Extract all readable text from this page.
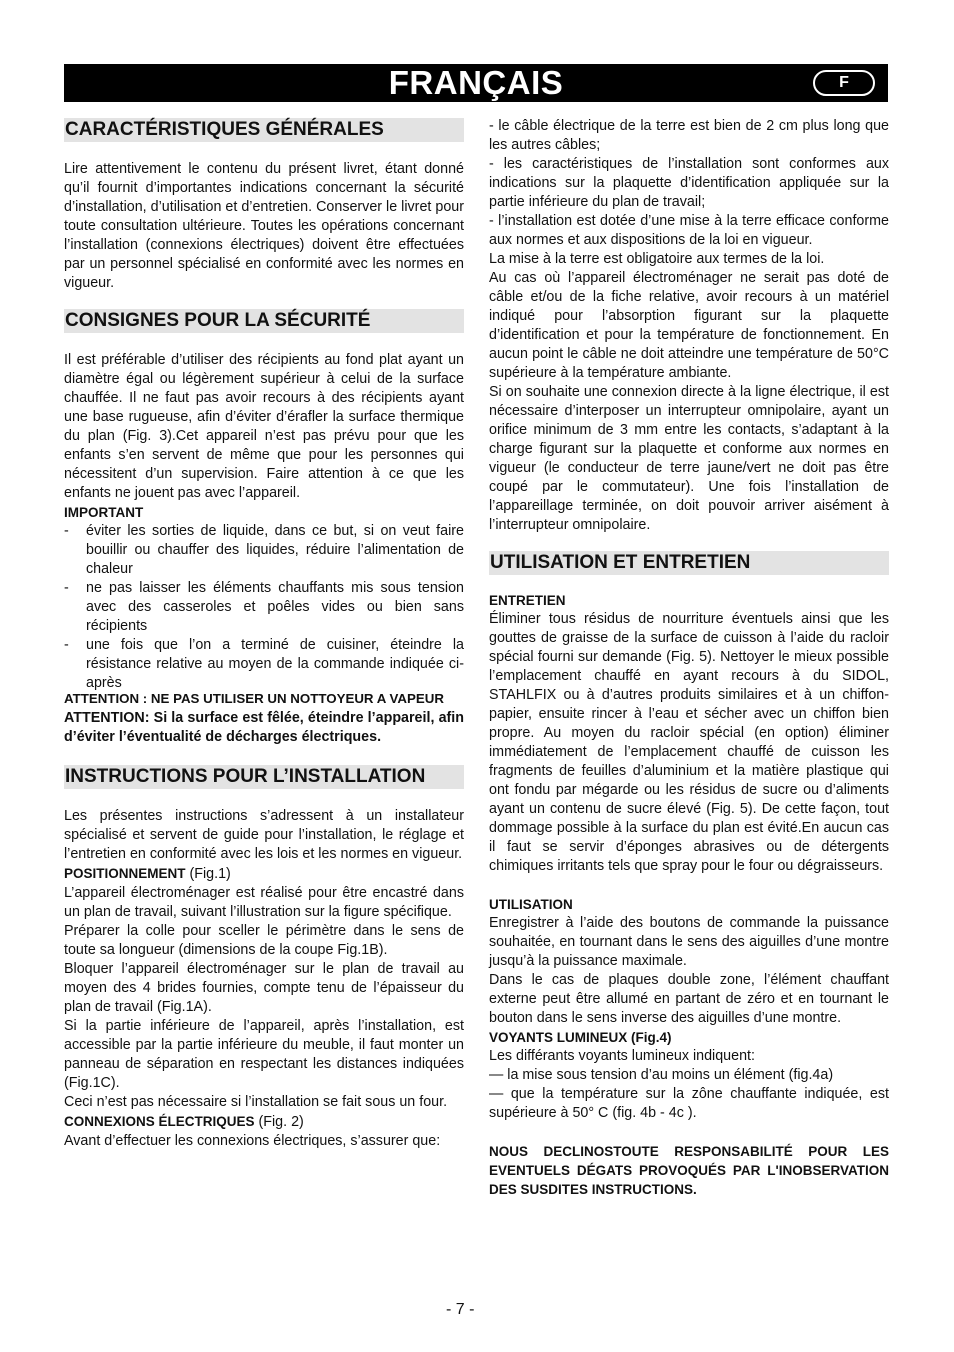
FRANÇAIS	F
CARACTÉRISTIQUES GÉNÉRALES

Lire attentivement le contenu du présent livret, étant donné qu’il fournit d’importantes indications concernant la sécurité d’installation, d’utilisation et d’entretien. Conserver le livret pour toute consultation ultérieure. Toutes les opérations concernant l’installation (connexions électriques) doivent être effectuées par un personnel spécialisé en conformité avec les normes en vigueur.

CONSIGNES POUR LA SÉCURITÉ

Il est préférable d’utiliser des récipients au fond plat ayant un diamètre égal ou légèrement supérieur à celui de la surface chauffée. Il ne faut pas avoir recours à des récipients ayant une base rugueuse, afin d’éviter d’érafler la surface thermique du plan (Fig. 3).Cet appareil n’est pas prévu pour que les enfants s’en servent de même que pour les personnes qui nécessitent d’un supervision. Faire attention à ce que les enfants ne jouent pas avec l’appareil.

IMPORTANT
-	éviter les sorties de liquide, dans ce but, si on veut faire bouillir ou chauffer des liquides, réduire l’alimentation de chaleur
-	ne pas laisser les éléments chauffants mis sous tension avec des casseroles et poêles vides ou bien sans récipients
-	une fois que l’on a terminé de cuisiner, éteindre la résistance relative au moyen de la commande indiquée ci-après

ATTENTION : NE PAS UTILISER UN NOTTOYEUR A VAPEUR

ATTENTION: Si la surface est fêlée, éteindre l’appareil, afin d’éviter l’éventualité de décharges électriques.

INSTRUCTIONS POUR L’INSTALLATION

Les présentes instructions s’adressent à un installateur spécialisé et servent de guide pour l’installation, le réglage et l’entretien en conformité avec les lois et les normes en vigueur.

POSITIONNEMENT (Fig.1)

L’appareil électroménager est réalisé pour être encastré dans un plan de travail, suivant l’illustration sur la figure spécifique.

Préparer la colle pour sceller le périmètre dans le sens de toute sa longueur (dimensions de la coupe Fig.1B).

Bloquer l’appareil électroménager sur le plan de travail au moyen des 4 brides fournies, compte tenu de l’épaisseur du plan de travail (Fig.1A).

Si la partie inférieure de l’appareil, après l’installation, est accessible par la partie inférieure du meuble, il faut monter un panneau de séparation en respectant les distances indiquées (Fig.1C).

Ceci n’est pas nécessaire si l’installation se fait sous un four.

CONNEXIONS ÉLECTRIQUES (Fig. 2)

Avant d’effectuer les connexions électriques, s’assurer que:

- le câble électrique de la terre est bien de 2 cm plus long que les autres câbles;

- les caractéristiques de l’installation sont conformes aux indications sur la plaquette d’identification appliquée sur la partie inférieure du plan de travail;

- l’installation est dotée d’une mise à la terre efficace conforme aux normes et aux dispositions de la loi en vigueur.

La mise à la terre est obligatoire aux termes de la loi.

Au cas où l’appareil électroménager ne serait pas doté de câble et/ou de la fiche relative, avoir recours à un matériel indiqué pour l’absorption figurant sur la plaquette d’identification et pour la température de fonctionnement. En aucun point le câble ne doit atteindre une température de 50°C supérieure à la température ambiante.

Si on souhaite une connexion directe à la ligne électrique, il est nécessaire d’interposer un interrupteur omnipolaire, ayant un orifice minimum de 3 mm entre les contacts, s’adaptant à la charge figurant sur la plaquette et conforme aux normes en vigueur (le conducteur de terre jaune/vert ne doit pas être coupé par le commutateur). Une fois l’installation de l’appareillage terminée, on doit pouvoir arriver aisément à l’interrupteur omnipolaire.

UTILISATION ET ENTRETIEN
ENTRETIEN

Éliminer tous résidus de nourriture éventuels ainsi que les gouttes de graisse de la surface de cuisson à l’aide du racloir spécial fourni sur demande (Fig. 5). Nettoyer le mieux possible l’emplacement chauffé en ayant recours à du SIDOL, STAHLFIX ou à d’autres produits similaires et à un chiffon-papier, ensuite rincer à l’eau et sécher avec un chiffon bien propre. Au moyen du racloir spécial (en option) éliminer immédiatement de l’emplacement chauffé de cuisson les fragments de feuilles d’aluminium et la matière plastique qui ont fondu par mégarde ou les résidus de sucre ou d’aliments ayant un contenu de sucre élevé (Fig. 5). De cette façon, tout dommage possible à la surface du plan est évité.En aucun cas il faut se servir d’éponges abrasives ou de détergents chimiques irritants tels que spray pour le four ou dégraisseurs.

UTILISATION

Enregistrer à l’aide des boutons de commande la puissance souhaitée, en tournant dans le sens des aiguilles d’une montre jusqu’à la puissance maximale.

Dans le cas de plaques double zone, l’élément chauffant externe peut être allumé en partant de zéro et en tournant le bouton dans le sens inverse des aiguilles d’une montre.

VOYANTS LUMINEUX (Fig.4)

Les différants voyants lumineux indiquent:

— la mise sous tension d’au moins un élément (fig.4a)

— que la température sur la zône chauffante indiquée, est supérieure à 50° C (fig. 4b - 4c ).

NOUS DECLINOSTOUTE RESPONSABILITÉ POUR LES EVENTUELS DÉGATS PROVOQUÉS PAR L'INOBSERVATION DES SUSDITES INSTRUCTIONS.

- 7 -
